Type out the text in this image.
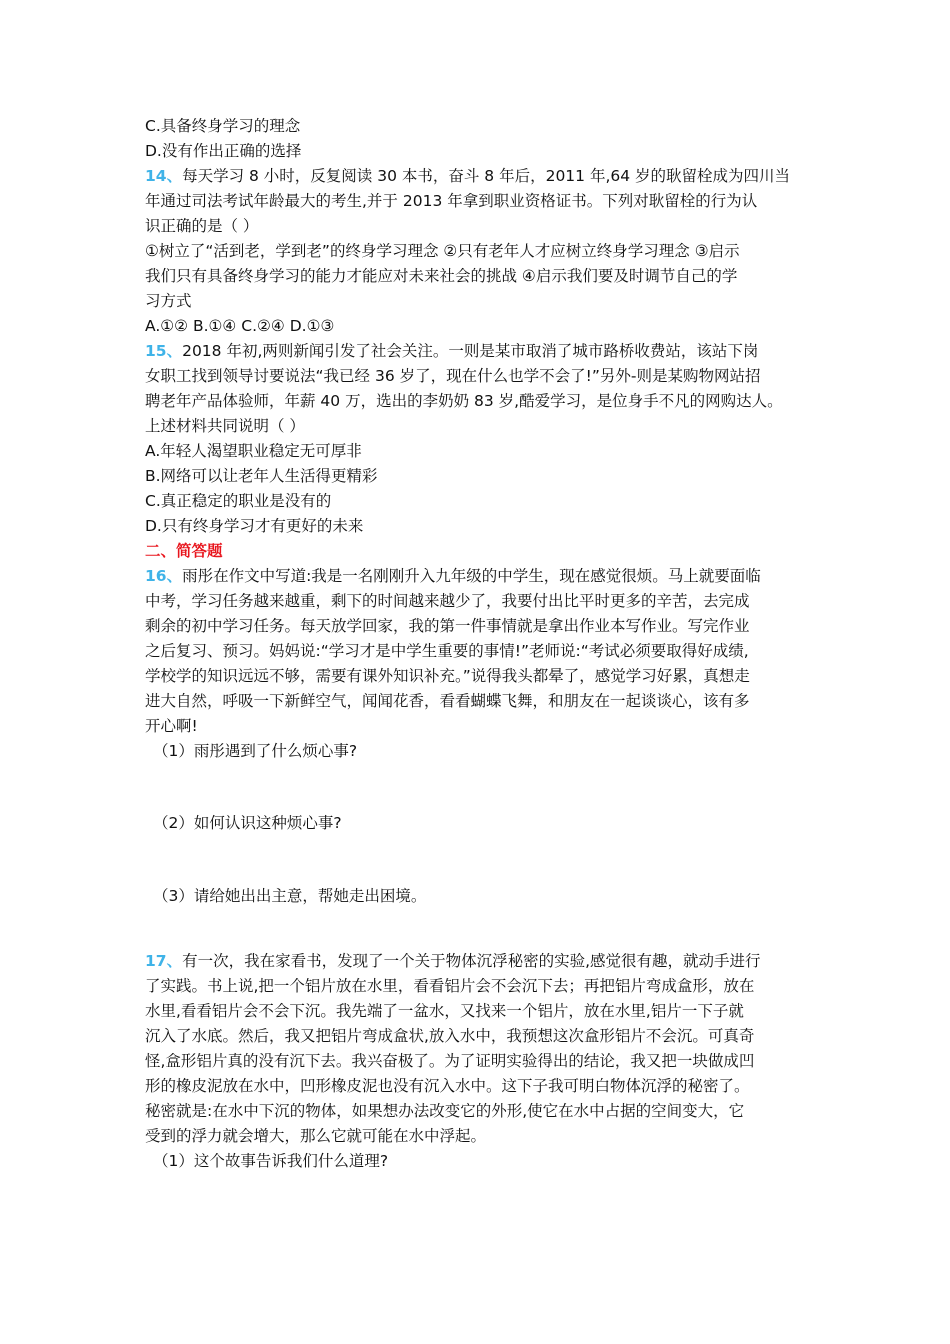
C.具备终身学习的理念
D.没有作出正确的选择
14、每天学习 8 小时，反复阅读 30 本书，奋斗 8 年后，2011 年,64 岁的耿留栓成为四川当
年通过司法考试年龄最大的考生,并于 2013 年拿到职业资格证书。下列对耿留栓的行为认
识正确的是（ ）
①树立了“活到老，学到老”的终身学习理念 ②只有老年人才应树立终身学习理念 ③启示
我们只有具备终身学习的能力才能应对未来社会的挑战 ④启示我们要及时调节自己的学
习方式
A.①② B.①④ C.②④ D.①③
15、2018 年初,两则新闻引发了社会关注。一则是某市取消了城市路桥收费站，该站下岗
女职工找到领导讨要说法“我已经 36 岁了，现在什么也学不会了!”另外-则是某购物网站招
聘老年产品体验师，年薪 40 万，选出的李奶奶 83 岁,酷爱学习，是位身手不凡的网购达人。
上述材料共同说明（ ）
A.年轻人渴望职业稳定无可厚非
B.网络可以让老年人生活得更精彩
C.真正稳定的职业是没有的
D.只有终身学习才有更好的未来
二、简答题
16、雨彤在作文中写道:我是一名刚刚升入九年级的中学生，现在感觉很烦。马上就要面临
中考，学习任务越来越重，剩下的时间越来越少了，我要付出比平时更多的辛苦，去完成
剩余的初中学习任务。每天放学回家，我的第一件事情就是拿出作业本写作业。写完作业
之后复习、预习。妈妈说:“学习才是中学生重要的事情!”老师说:“考试必须要取得好成绩,
学校学的知识远远不够，需要有课外知识补充。”说得我头都晕了，感觉学习好累，真想走
进大自然，呼吸一下新鲜空气，闻闻花香，看看蝴蝶飞舞，和朋友在一起谈谈心，该有多
开心啊!
（1）雨彤遇到了什么烦心事?
（2）如何认识这种烦心事?
（3）请给她出出主意，帮她走出困境。
17、有一次，我在家看书，发现了一个关于物体沉浮秘密的实验,感觉很有趣，就动手进行
了实践。书上说,把一个铝片放在水里，看看铝片会不会沉下去；再把铝片弯成盒形，放在
水里,看看铝片会不会下沉。我先端了一盆水，又找来一个铝片，放在水里,铝片一下子就
沉入了水底。然后，我又把铝片弯成盒状,放入水中，我预想这次盒形铝片不会沉。可真奇
怪,盒形铝片真的没有沉下去。我兴奋极了。为了证明实验得出的结论，我又把一块做成凹
形的橡皮泥放在水中，凹形橡皮泥也没有沉入水中。这下子我可明白物体沉浮的秘密了。
秘密就是:在水中下沉的物体，如果想办法改变它的外形,使它在水中占据的空间变大，它
受到的浮力就会增大，那么它就可能在水中浮起。
（1）这个故事告诉我们什么道理?
